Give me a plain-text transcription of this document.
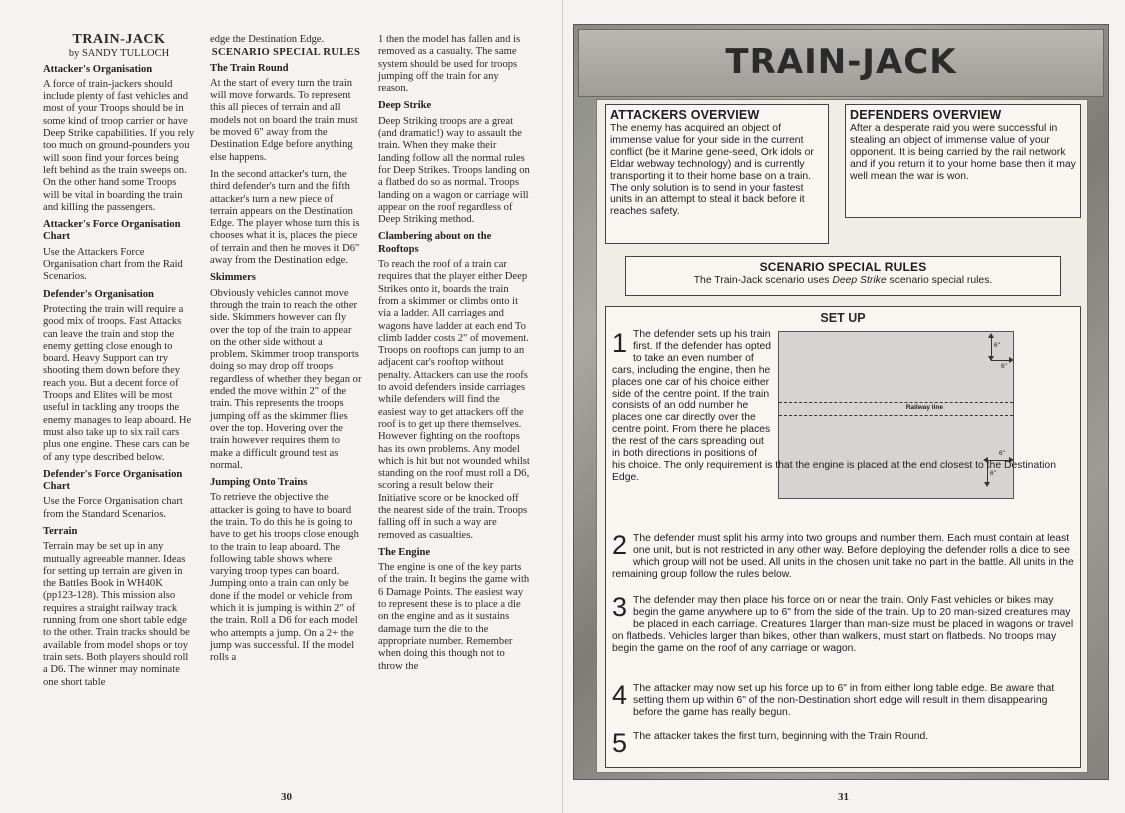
TRAIN-JACK
by SANDY TULLOCH
Attacker's Organisation

A force of train-jackers should include plenty of fast vehicles and most of your Troops should be in some kind of troop carrier or have Deep Strike capabilities. If you rely too much on ground-pounders you will soon find your forces being left behind as the train sweeps on. On the other hand some Troops will be vital in boarding the train and killing the passengers.

Attacker's Force Organisation Chart

Use the Attackers Force Organisation chart from the Raid Scenarios.

Defender's Organisation

Protecting the train will require a good mix of troops. Fast Attacks can leave the train and stop the enemy getting close enough to board. Heavy Support can try shooting them down before they reach you. But a decent force of Troops and Elites will be most useful in tackling any troops the enemy manages to leap aboard. He must also take up to six rail cars plus one engine. These cars can be of any type described below.

Defender's Force Organisation Chart

Use the Force Organisation chart from the Standard Scenarios.

Terrain

Terrain may be set up in any mutually agreeable manner. Ideas for setting up terrain are given in the Battles Book in WH40K (pp123-128). This mission also requires a straight railway track running from one short table edge to the other. Train tracks should be available from model shops or toy train sets. Both players should roll a D6. The winner may nominate one short table

edge the Destination Edge.

SCENARIO SPECIAL RULES
The Train Round

At the start of every turn the train will move forwards. To represent this all pieces of terrain and all models not on board the train must be moved 6" away from the Destination Edge before anything else happens.

In the second attacker's turn, the third defender's turn and the fifth attacker's turn a new piece of terrain appears on the Destination Edge. The player whose turn this is chooses what it is, places the piece of terrain and then he moves it D6" away from the Destination edge.

Skimmers

Obviously vehicles cannot move through the train to reach the other side. Skimmers however can fly over the top of the train to appear on the other side without a problem. Skimmer troop transports doing so may drop off troops regardless of whether they began or ended the move within 2" of the train. This represents the troops jumping off as the skimmer flies over the top. Hovering over the train however requires them to make a difficult ground test as normal.

Jumping Onto Trains

To retrieve the objective the attacker is going to have to board the train. To do this he is going to have to get his troops close enough to the train to leap aboard. The following table shows where varying troop types can board. Jumping onto a train can only be done if the model or vehicle from which it is jumping is within 2" of the train. Roll a D6 for each model who attempts a jump. On a 2+ the jump was successful. If the model rolls a

1 then the model has fallen and is removed as a casualty. The same system should be used for troops jumping off the train for any reason.

Deep Strike

Deep Striking troops are a great (and dramatic!) way to assault the train. When they make their landing follow all the normal rules for Deep Strikes. Troops landing on a flatbed do so as normal. Troops landing on a wagon or carriage will appear on the roof regardless of Deep Striking method.

Clambering about on the Rooftops

To reach the roof of a train car requires that the player either Deep Strikes onto it, boards the train from a skimmer or climbs onto it via a ladder. All carriages and wagons have ladder at each end To climb ladder costs 2" of movement. Troops on rooftops can jump to an adjacent car's rooftop without penalty. Attackers can use the roofs to avoid defenders inside carriages while defenders will find the easiest way to get attackers off the roof is to get up there themselves. However fighting on the rooftops has its own problems. Any model which is hit but not wounded whilst standing on the roof must roll a D6, scoring a result below their Initiative score or be knocked off the nearest side of the train. Troops falling off in such a way are removed as casualties.

The Engine

The engine is one of the key parts of the train. It begins the game with 6 Damage Points. The easiest way to represent these is to place a die on the engine and as it sustains damage turn the die to the appropriate number. Remember when doing this though not to throw the

30
TRAIN-JACK
ATTACKERS OVERVIEW
The enemy has acquired an object of immense value for your side in the current conflict (be it Marine gene-seed, Ork idols or Eldar webway technology) and is currently transporting it to their home base on a train. The only solution is to send in your fastest units in an attempt to steal it back before it reaches safety.
DEFENDERS OVERVIEW
After a desperate raid you were successful in stealing an object of immense value of your opponent. It is being carried by the rail network and if you return it to your home base then it may well mean the war is won.
SCENARIO SPECIAL RULES
The Train-Jack scenario uses Deep Strike scenario special rules.
SET UP
Railway line
6"
6"
6"
6"
1 The defender sets up his train first. If the defender has opted to take an even number of cars, including the engine, then he places one car of his choice either side of the centre point. If the train consists of an odd number he places one car directly over the centre point. From there he places the rest of the cars spreading out in both directions in positions of
his choice. The only requirement is that the engine is placed at the end closest to the Destination Edge.
2 The defender must split his army into two groups and number them. Each must contain at least one unit, but is not restricted in any other way. Before deploying the defender rolls a dice to see which group will not be used. All units in the chosen unit take no part in the battle. All units in the remaining group follow the rules below.
3 The defender may then place his force on or near the train. Only Fast vehicles or bikes may begin the game anywhere up to 6" from the side of the train. Up to 20 man-sized creatures may be placed in each carriage. Creatures 1larger than man-size must be placed in wagons or travel on flatbeds. Vehicles larger than bikes, other than walkers, must start on flatbeds. No troops may begin the game on the roof of any carriage or wagon.
4 The attacker may now set up his force up to 6" in from either long table edge. Be aware that setting them up within 6" of the non-Destination short edge will result in them disappearing before the game has really begun.
5 The attacker takes the first turn, beginning with the Train Round.
31
